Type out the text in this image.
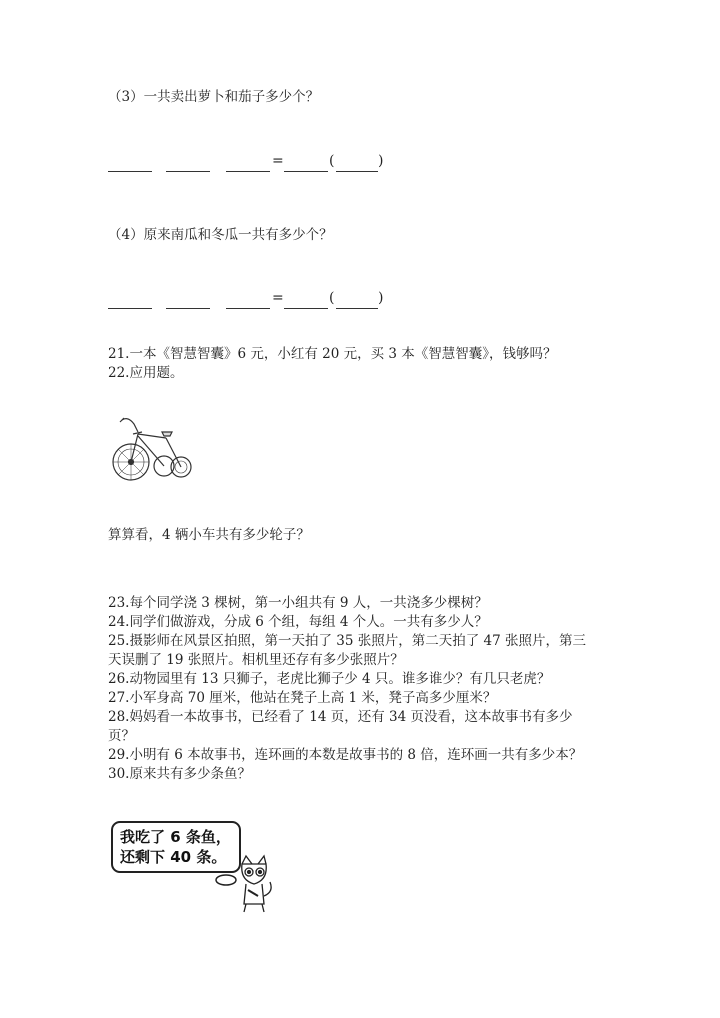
（3）一共卖出萝卜和茄子多少个？
=	(	)
（4）原来南瓜和冬瓜一共有多少个？
=	(	)
21.一本《智慧智囊》6 元，小红有 20 元，买 3 本《智慧智囊》，钱够吗？
22.应用题。
算算看，4 辆小车共有多少轮子？
23.每个同学浇 3 棵树，第一小组共有 9 人，一共浇多少棵树？
24.同学们做游戏，分成 6 个组，每组 4 个人。一共有多少人？
25.摄影师在风景区拍照，第一天拍了 35 张照片，第二天拍了 47 张照片，第三
天误删了 19 张照片。相机里还存有多少张照片？
26.动物园里有 13 只狮子，老虎比狮子少 4 只。谁多谁少？有几只老虎？
27.小军身高 70 厘米，他站在凳子上高 1 米，凳子高多少厘米？
28.妈妈看一本故事书，已经看了 14 页，还有 34 页没看，这本故事书有多少
页？
29.小明有 6 本故事书，连环画的本数是故事书的 8 倍，连环画一共有多少本？
30.原来共有多少条鱼？
我吃了 6 条鱼，
还剩下 40 条。
